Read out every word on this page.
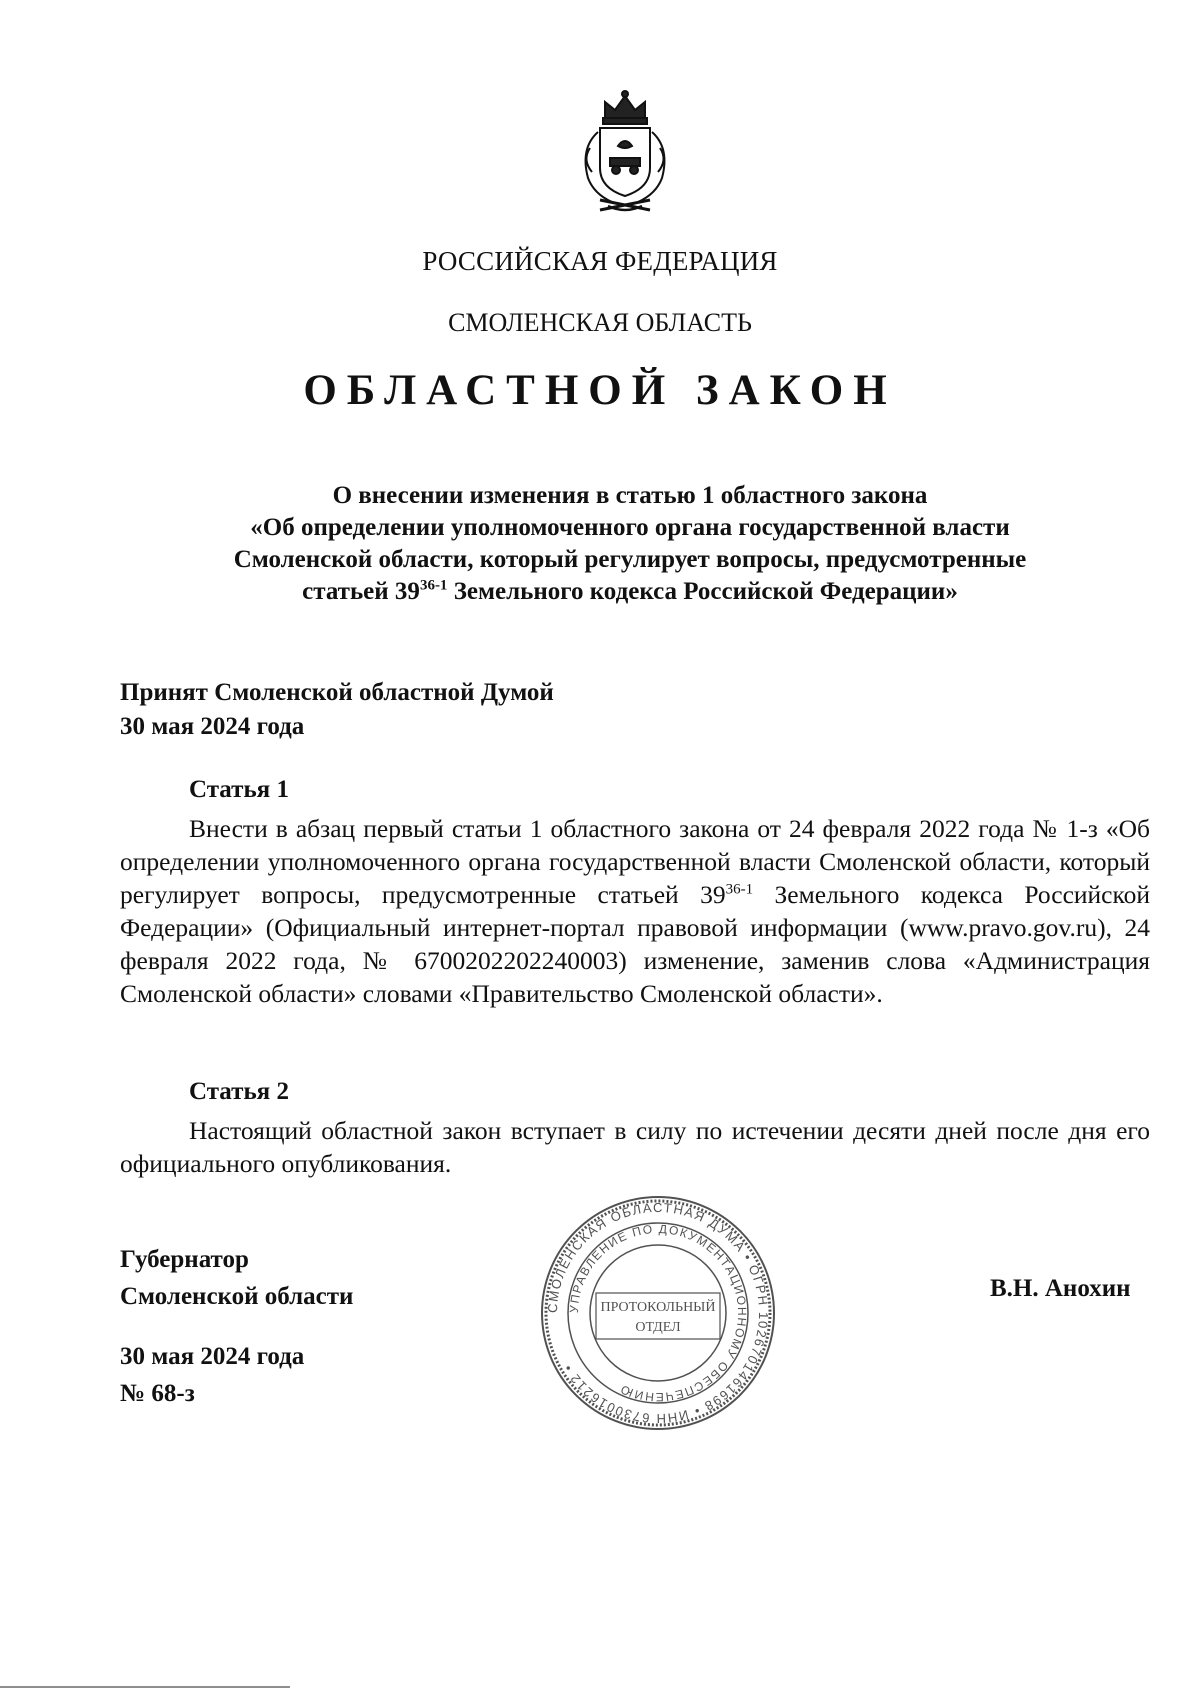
РОССИЙСКАЯ ФЕДЕРАЦИЯ
СМОЛЕНСКАЯ ОБЛАСТЬ
ОБЛАСТНОЙ ЗАКОН
О внесении изменения в статью 1 областного закона
«Об определении уполномоченного органа государственной власти
Смоленской области, который регулирует вопросы, предусмотренные
статьей 39$^{36-1}$ Земельного кодекса Российской Федерации»
Принят Смоленской областной Думой
30 мая 2024 года
Статья 1
Внести в абзац первый статьи 1 областного закона от 24 февраля 2022 года № 1-з «Об определении уполномоченного органа государственной власти Смоленской области, который регулирует вопросы, предусмотренные статьей 39$^{36-1}$ Земельного кодекса Российской Федерации» (Официальный интернет-портал правовой информации (www.pravo.gov.ru), 24 февраля 2022 года, № 6700202202240003) изменение, заменив слова «Администрация Смоленской области» словами «Правительство Смоленской области».
Статья 2
Настоящий областной закон вступает в силу по истечении десяти дней после дня его официального опубликования.
Губернатор
Смоленской области	В.Н. Анохин
30 мая 2024 года
№ 68-з
СМОЛЕНСКАЯ ОБЛАСТНАЯ ДУМА • ОГРН 1026701461698 • ИНН 6730016212 •
УПРАВЛЕНИЕ ПО ДОКУМЕНТАЦИОННОМУ ОБЕСПЕЧЕНИЮ
ПРОТОКОЛЬНЫЙ
ОТДЕЛ
